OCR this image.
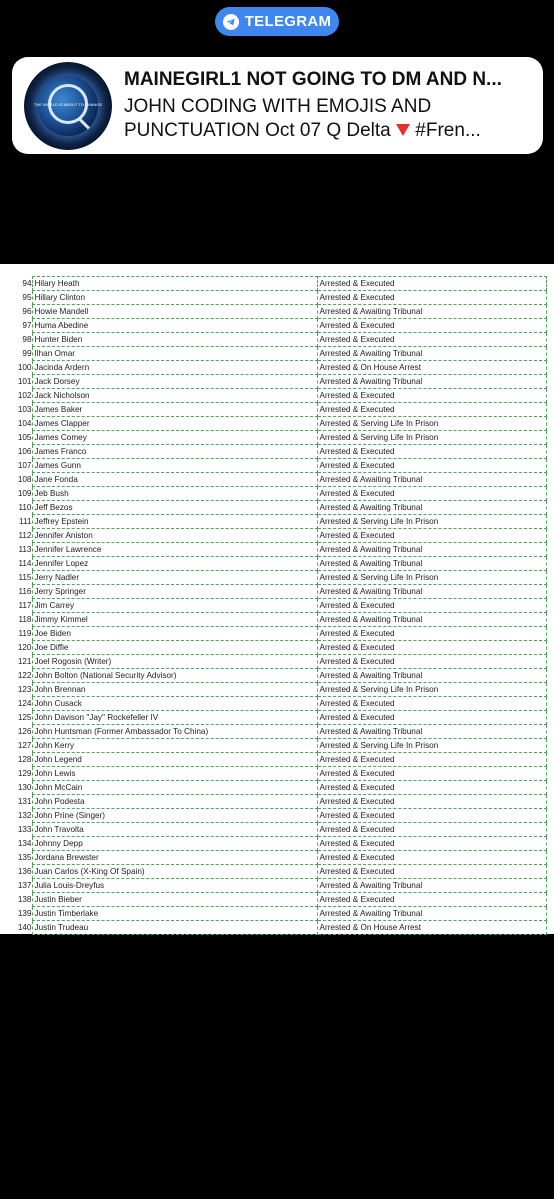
TELEGRAM
THE WORLD IS ABOUT TO CHANGE
MAINEGIRL1 NOT GOING TO DM AND N...
JOHN CODING WITH EMOJIS AND
PUNCTUATION Oct 07 Q Delta  #Fren...
94	Hilary Heath	Arrested & Executed
95	Hillary Clinton	Arrested & Executed
96	Howie Mandell	Arrested & Awaiting Tribunal
97	Huma Abedine	Arrested & Executed
98	Hunter Biden	Arrested & Executed
99	Ilhan Omar	Arrested & Awaiting Tribunal
100	Jacinda Ardern	Arrested & On House Arrest
101	Jack Dorsey	Arrested & Awaiting Tribunal
102	Jack Nicholson	Arrested & Executed
103	James Baker	Arrested & Executed
104	James Clapper	Arrested & Serving Life In Prison
105	James Comey	Arrested & Serving Life In Prison
106	James Franco	Arrested & Executed
107	James Gunn	Arrested & Executed
108	Jane Fonda	Arrested & Awaiting Tribunal
109	Jeb Bush	Arrested & Executed
110	Jeff Bezos	Arrested & Awaiting Tribunal
111	Jeffrey Epstein	Arrested & Serving Life In Prison
112	Jennifer Aniston	Arrested & Executed
113	Jennifer Lawrence	Arrested & Awaiting Tribunal
114	Jennifer Lopez	Arrested & Awaiting Tribunal
115	Jerry Nadler	Arrested & Serving Life In Prison
116	Jerry Springer	Arrested & Awaiting Tribunal
117	Jim Carrey	Arrested & Executed
118	Jimmy Kimmel	Arrested & Awaiting Tribunal
119	Joe Biden	Arrested & Executed
120	Joe Diffie	Arrested & Executed
121	Joel Rogosin (Writer)	Arrested & Executed
122	John Bolton (National Security Advisor)	Arrested & Awaiting Tribunal
123	John Brennan	Arrested & Serving Life In Prison
124	John Cusack	Arrested & Executed
125	John Davison "Jay" Rockefeller IV	Arrested & Executed
126	John Huntsman (Former Ambassador To China)	Arrested & Awaiting Tribunal
127	John Kerry	Arrested & Serving Life In Prison
128	John Legend	Arrested & Executed
129	John Lewis	Arrested & Executed
130	John McCain	Arrested & Executed
131	John Podesta	Arrested & Executed
132	John Prine (Singer)	Arrested & Executed
133	John Travolta	Arrested & Executed
134	Johnny Depp	Arrested & Executed
135	Jordana Brewster	Arrested & Executed
136	Juan Carlos (X-King Of Spain)	Arrested & Executed
137	Julia Louis-Dreyfus	Arrested & Awaiting Tribunal
138	Justin Bieber	Arrested & Executed
139	Justin Timberlake	Arrested & Awaiting Tribunal
140	Justin Trudeau	Arrested & On House Arrest
